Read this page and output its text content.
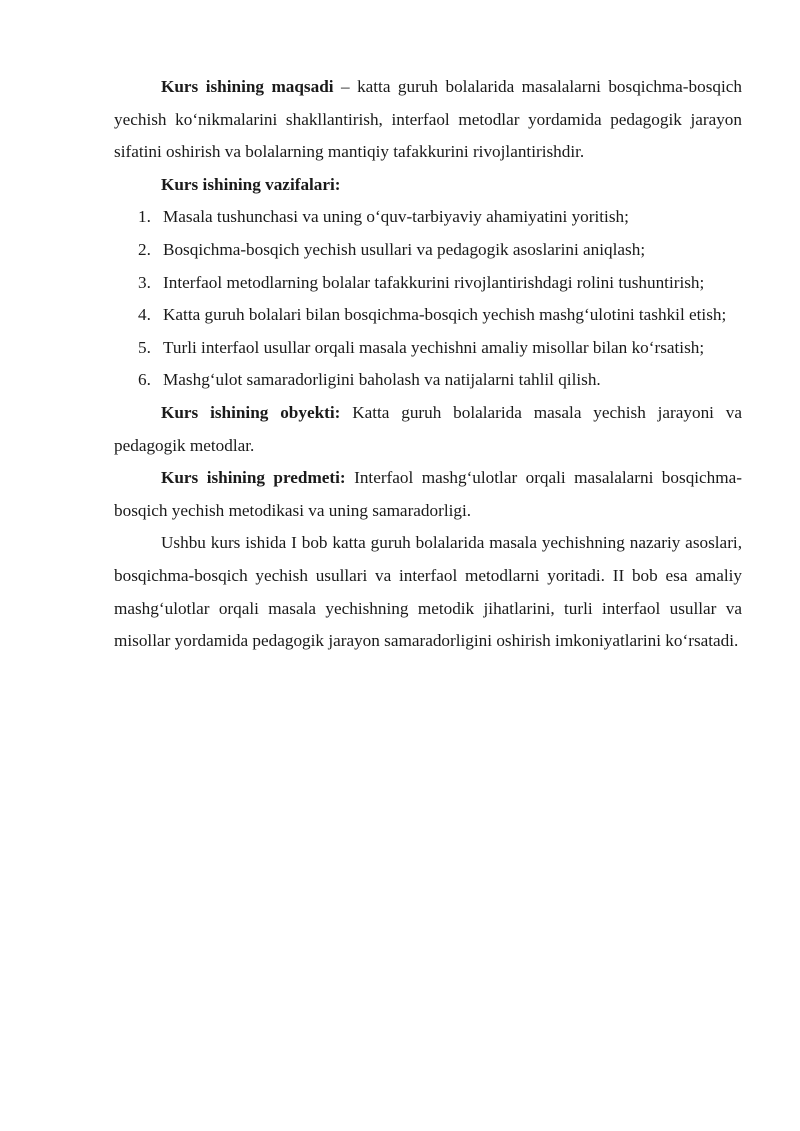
Kurs ishining maqsadi – katta guruh bolalarida masalalarni bosqichma-bosqich yechish ko‘nikmalarini shakllantirish, interfaol metodlar yordamida pedagogik jarayon sifatini oshirish va bolalarning mantiqiy tafakkurini rivojlantirishdir.

Kurs ishining vazifalari:
1. Masala tushunchasi va uning o‘quv-tarbiyaviy ahamiyatini yoritish;
2. Bosqichma-bosqich yechish usullari va pedagogik asoslarini aniqlash;
3. Interfaol metodlarning bolalar tafakkurini rivojlantirishdagi rolini tushuntirish;
4. Katta guruh bolalari bilan bosqichma-bosqich yechish mashg‘ulotini tashkil etish;
5. Turli interfaol usullar orqali masala yechishni amaliy misollar bilan ko‘rsatish;
6. Mashg‘ulot samaradorligini baholash va natijalarni tahlil qilish.

Kurs ishining obyekti: Katta guruh bolalarida masala yechish jarayoni va pedagogik metodlar.

Kurs ishining predmeti: Interfaol mashg‘ulotlar orqali masalalarni bosqichma-bosqich yechish metodikasi va uning samaradorligi.

Ushbu kurs ishida I bob katta guruh bolalarida masala yechishning nazariy asoslari, bosqichma-bosqich yechish usullari va interfaol metodlarni yoritadi. II bob esa amaliy mashg‘ulotlar orqali masala yechishning metodik jihatlarini, turli interfaol usullar va misollar yordamida pedagogik jarayon samaradorligini oshirish imkoniyatlarini ko‘rsatadi.
